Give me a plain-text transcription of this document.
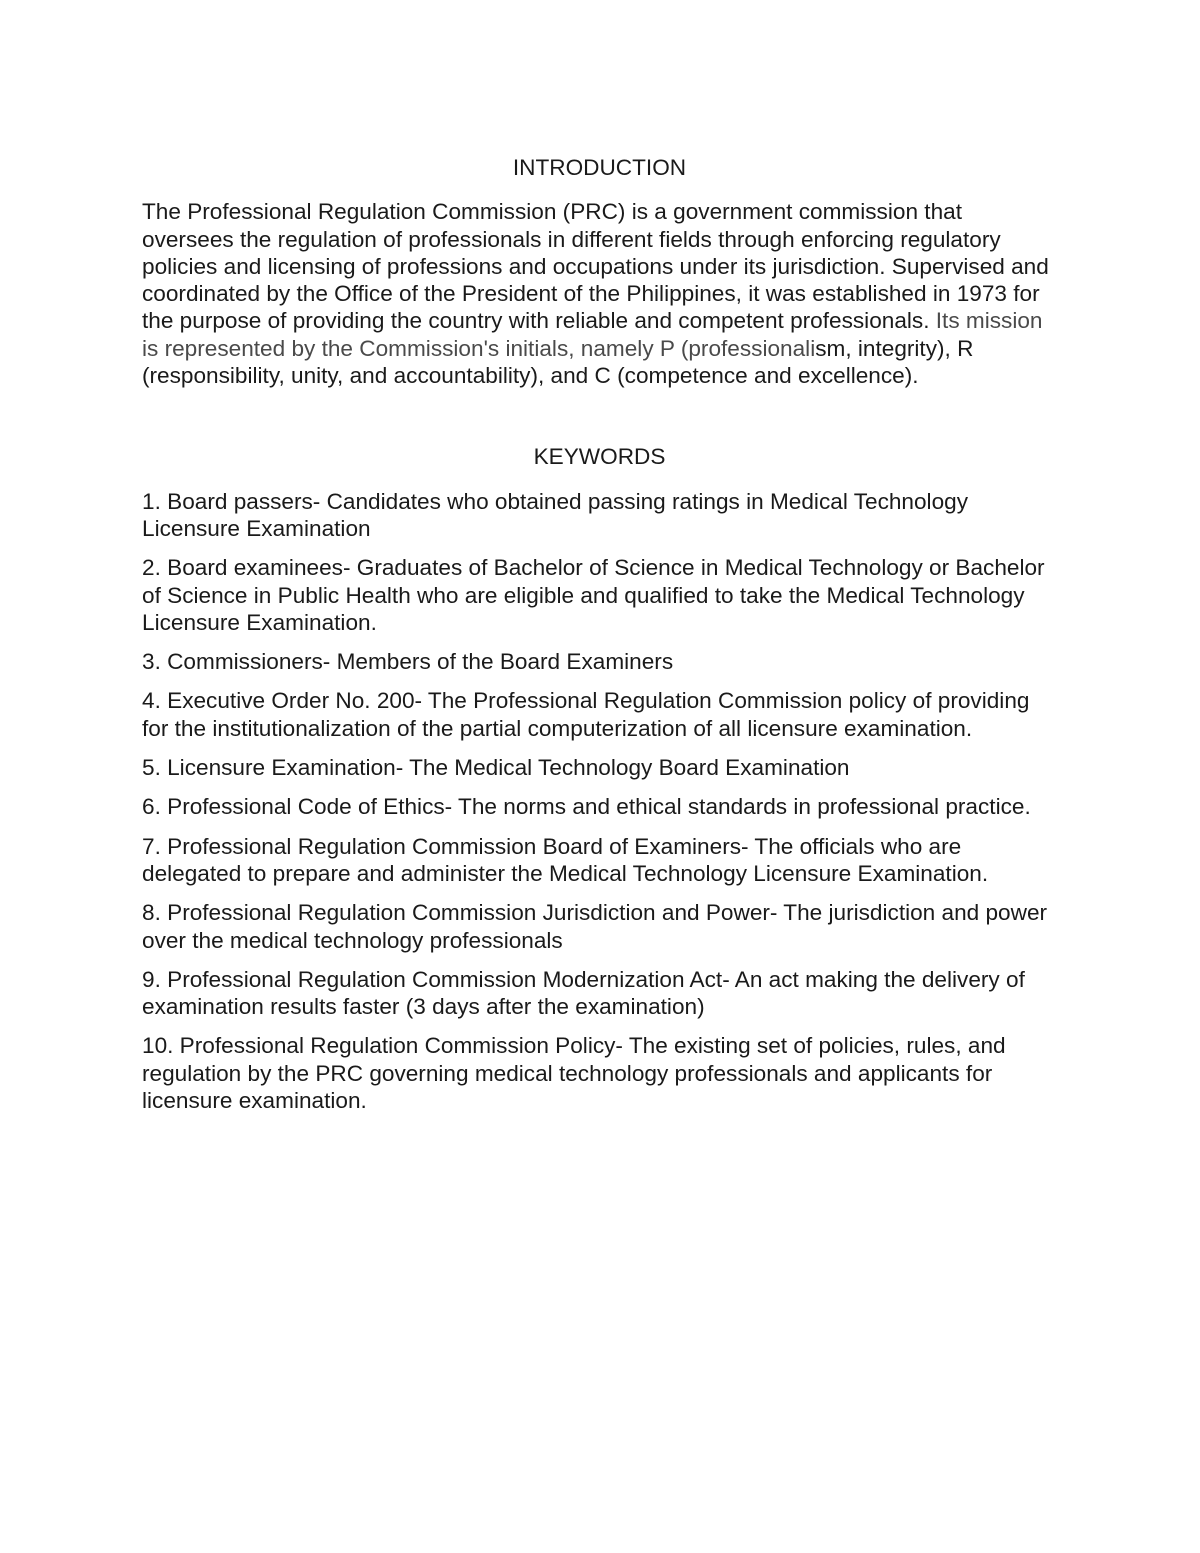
INTRODUCTION

The Professional Regulation Commission (PRC) is a government commission that oversees the regulation of professionals in different fields through enforcing regulatory policies and licensing of professions and occupations under its jurisdiction. Supervised and coordinated by the Office of the President of the Philippines, it was established in 1973 for the purpose of providing the country with reliable and competent professionals. Its mission is represented by the Commission's initials, namely P (professionalism, integrity), R (responsibility, unity, and accountability), and C (competence and excellence).

KEYWORDS
1. Board passers- Candidates who obtained passing ratings in Medical Technology Licensure Examination
2. Board examinees- Graduates of Bachelor of Science in Medical Technology or Bachelor of Science in Public Health who are eligible and qualified to take the Medical Technology Licensure Examination.
3. Commissioners- Members of the Board Examiners
4. Executive Order No. 200- The Professional Regulation Commission policy of providing for the institutionalization of the partial computerization of all licensure examination.
5. Licensure Examination- The Medical Technology Board Examination
6. Professional Code of Ethics- The norms and ethical standards in professional practice.
7. Professional Regulation Commission Board of Examiners- The officials who are delegated to prepare and administer the Medical Technology Licensure Examination.
8. Professional Regulation Commission Jurisdiction and Power- The jurisdiction and power over the medical technology professionals
9. Professional Regulation Commission Modernization Act- An act making the delivery of examination results faster (3 days after the examination)
10. Professional Regulation Commission Policy- The existing set of policies, rules, and regulation by the PRC governing medical technology professionals and applicants for licensure examination.
